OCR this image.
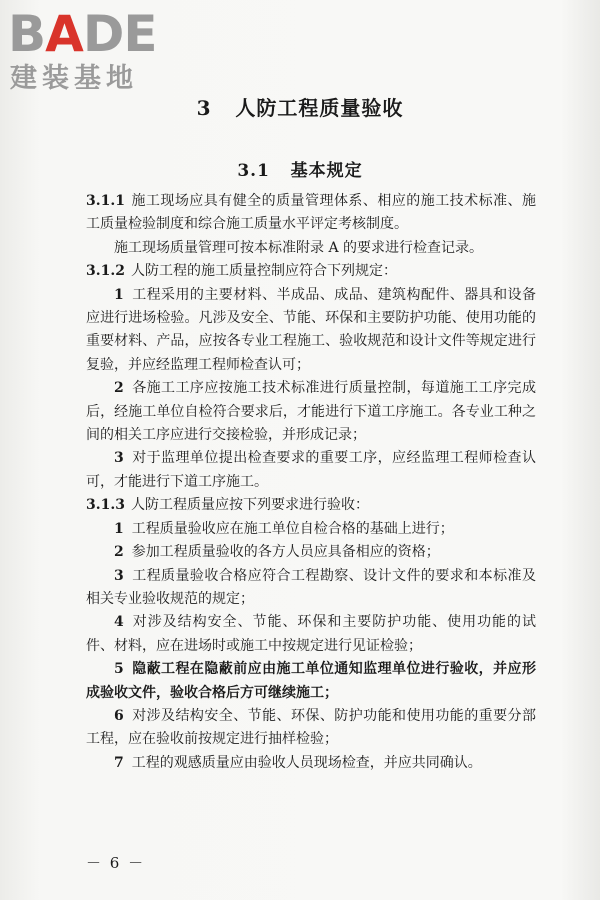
BADE
建装基地
3 人防工程质量验收
3.1 基本规定

3.1.1 施工现场应具有健全的质量管理体系、相应的施工技术标准、施工质量检验制度和综合施工质量水平评定考核制度。

施工现场质量管理可按本标准附录 A 的要求进行检查记录。

3.1.2 人防工程的施工质量控制应符合下列规定：

1 工程采用的主要材料、半成品、成品、建筑构配件、器具和设备应进行进场检验。凡涉及安全、节能、环保和主要防护功能、使用功能的重要材料、产品，应按各专业工程施工、验收规范和设计文件等规定进行复验，并应经监理工程师检查认可；

2 各施工工序应按施工技术标准进行质量控制，每道施工工序完成后，经施工单位自检符合要求后，才能进行下道工序施工。各专业工种之间的相关工序应进行交接检验，并形成记录；

3 对于监理单位提出检查要求的重要工序，应经监理工程师检查认可，才能进行下道工序施工。

3.1.3 人防工程质量应按下列要求进行验收：

1 工程质量验收应在施工单位自检合格的基础上进行；

2 参加工程质量验收的各方人员应具备相应的资格；

3 工程质量验收合格应符合工程勘察、设计文件的要求和本标准及相关专业验收规范的规定；

4 对涉及结构安全、节能、环保和主要防护功能、使用功能的试件、材料，应在进场时或施工中按规定进行见证检验；

5 隐蔽工程在隐蔽前应由施工单位通知监理单位进行验收，并应形成验收文件，验收合格后方可继续施工；

6 对涉及结构安全、节能、环保、防护功能和使用功能的重要分部工程，应在验收前按规定进行抽样检验；

7 工程的观感质量应由验收人员现场检查，并应共同确认。

－ 6 －
